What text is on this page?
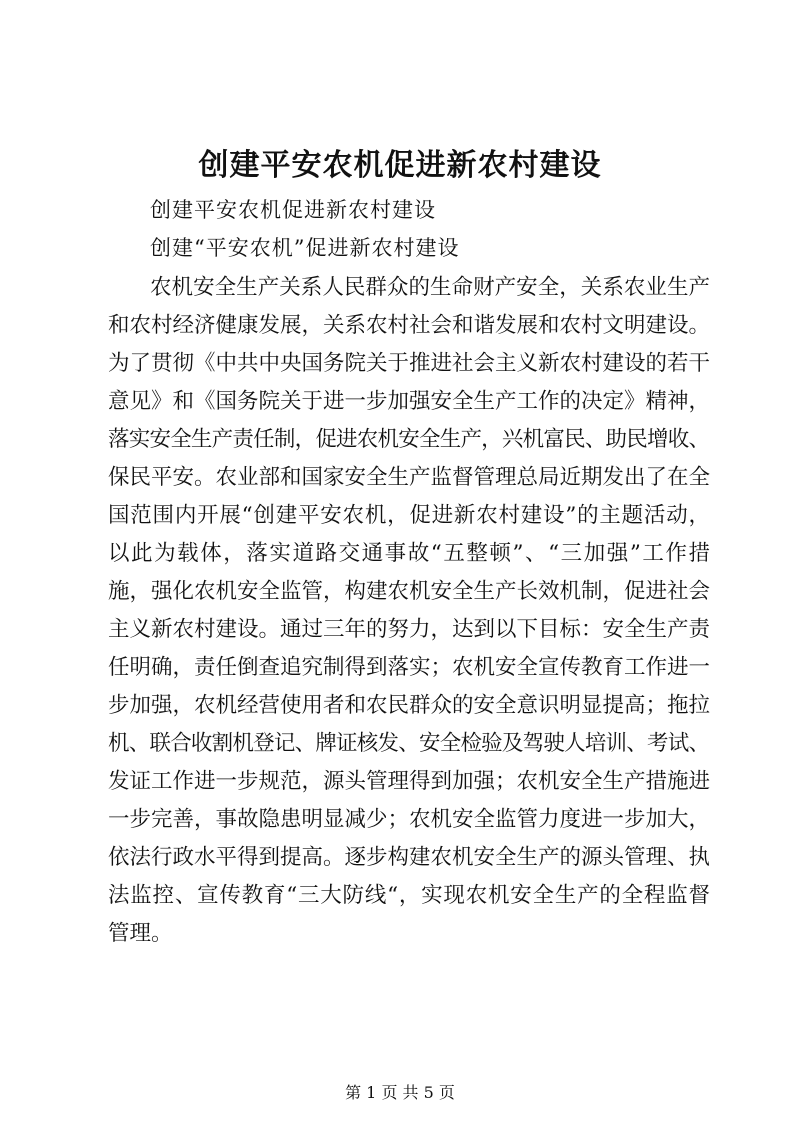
创建平安农机促进新农村建设
创建平安农机促进新农村建设
创建“平安农机”促进新农村建设
农机安全生产关系人民群众的生命财产安全，关系农业生产
和农村经济健康发展，关系农村社会和谐发展和农村文明建设。
为了贯彻《中共中央国务院关于推进社会主义新农村建设的若干
意见》和《国务院关于进一步加强安全生产工作的决定》精神，
落实安全生产责任制，促进农机安全生产，兴机富民、助民增收、
保民平安。农业部和国家安全生产监督管理总局近期发出了在全
国范围内开展“创建平安农机，促进新农村建设”的主题活动，
以此为载体，落实道路交通事故“五整顿”、“三加强”工作措
施，强化农机安全监管，构建农机安全生产长效机制，促进社会
主义新农村建设。通过三年的努力，达到以下目标：安全生产责
任明确，责任倒查追究制得到落实；农机安全宣传教育工作进一
步加强，农机经营使用者和农民群众的安全意识明显提高；拖拉
机、联合收割机登记、牌证核发、安全检验及驾驶人培训、考试、
发证工作进一步规范，源头管理得到加强；农机安全生产措施进
一步完善，事故隐患明显减少；农机安全监管力度进一步加大，
依法行政水平得到提高。逐步构建农机安全生产的源头管理、执
法监控、宣传教育“三大防线“，实现农机安全生产的全程监督
管理。
第 1 页 共 5 页
